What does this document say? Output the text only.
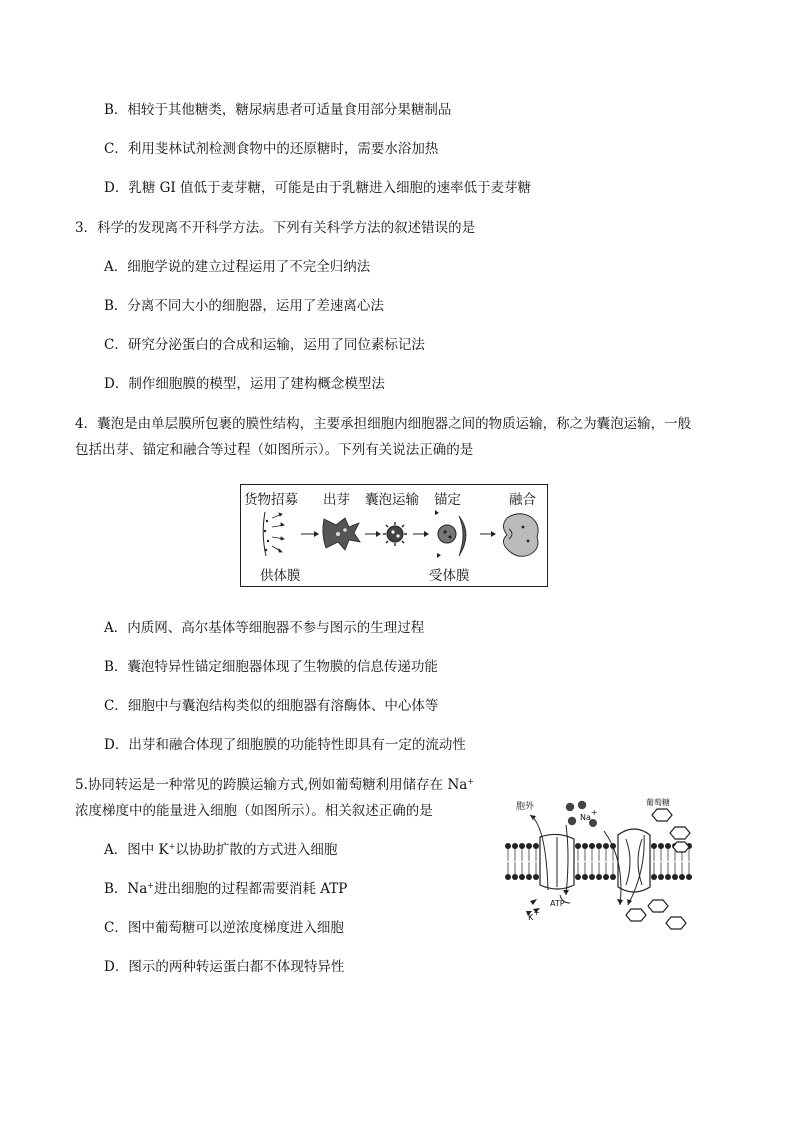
B．相较于其他糖类，糖尿病患者可适量食用部分果糖制品
C．利用斐林试剂检测食物中的还原糖时，需要水浴加热
D．乳糖 GI 值低于麦芽糖，可能是由于乳糖进入细胞的速率低于麦芽糖
3．科学的发现离不开科学方法。下列有关科学方法的叙述错误的是
A．细胞学说的建立过程运用了不完全归纳法
B．分离不同大小的细胞器，运用了差速离心法
C．研究分泌蛋白的合成和运输，运用了同位素标记法
D．制作细胞膜的模型，运用了建构概念模型法
4．囊泡是由单层膜所包裹的膜性结构，主要承担细胞内细胞器之间的物质运输，称之为囊泡运输，一般
包括出芽、锚定和融合等过程（如图所示）。下列有关说法正确的是
货物招募 出芽 囊泡运输 锚定	融合
供体膜	受体膜
A．内质网、高尔基体等细胞器不参与图示的生理过程
B．囊泡特异性锚定细胞器体现了生物膜的信息传递功能
C．细胞中与囊泡结构类似的细胞器有溶酶体、中心体等
D．出芽和融合体现了细胞膜的功能特性即具有一定的流动性
5.协同转运是一种常见的跨膜运输方式,例如葡萄糖利用储存在 Na+
浓度梯度中的能量进入细胞（如图所示）。相关叙述正确的是	胞外
Na+
葡萄糖
ATP
K+
A．图中 K+以协助扩散的方式进入细胞
B．Na+进出细胞的过程都需要消耗 ATP
C．图中葡萄糖可以逆浓度梯度进入细胞
D．图示的两种转运蛋白都不体现特异性
